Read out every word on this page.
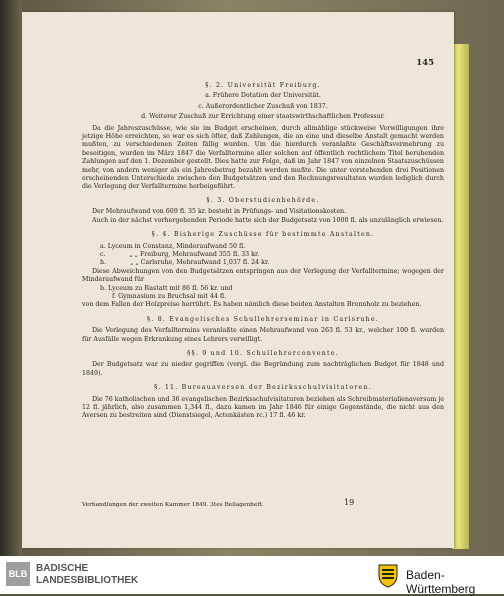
145

§. 2. Universität Freiburg.

a. Frühere Dotation der Universität.

c. Außerordentlicher Zuschuß von 1837.

d. Weiterer Zuschuß zur Errichtung einer staatswirthschaftlichen Professur.

Da die Jahreszuschüsse, wie sie im Budget erscheinen, durch allmählige stückweise Verwilligungen ihre jetzige Höhe erreichten, so war es sich öfter, daß Zahlungen, die an eine und dieselbe Anstalt gemacht werden mußten, zu verschiedenen Zeiten fällig wurden. Um die hierdurch veranlaßte Geschäftsvermehrung zu beseitigen, wurden im März 1847 die Verfalltermine aller solchen auf öffentlich rechtlichem Titel beruhenden Zahlungen auf den 1. Dezember gestellt. Dies hatte zur Folge, daß im Jahr 1847 von einzelnen Staatszuschüssen mehr, von andern weniger als ein Jahresbetrag bezahlt werden mußte. Die unter vorstehenden drei Positionen erscheinenden Unterschiede zwischen den Budgetsätzen und den Rechnungsresultaten wurden lediglich durch die Verlegung der Verfalltermine herbeigeführt.

§. 3. Oberstudienbehörde.

Der Mehraufwand von 609 fl. 35 kr. besteht in Prüfungs- und Visitationskosten.

Auch in der nächst vorhergehenden Periode hatte sich der Budgetsatz von 1000 fl. als unzulänglich erwiesen.

§. 4. Bisherige Zuschüsse für bestimmte Anstalten.

a. Lyceum in Constanz, Minderaufwand 50 fl.

c.	„ „ Freiburg, Mehraufwand 355 fl. 33 kr.

h.	„ „ Carlsruhe, Mehraufwand 1,037 fl. 24 kr.

Diese Abweichungen von den Budgetsätzen entspringen aus der Verlegung der Verfalltermine; wogegen der Minderaufwand für

b. Lyceum zu Rastatt mit 86 fl. 56 kr. und

f. Gymnasium zu Bruchsal mit 44 fl.

von dem Fallen der Holzpreise herrührt. Es haben nämlich diese beiden Anstalten Brennholz zu beziehen.

§. 8. Evangelisches Schullehrerseminar in Carlsruhe.

Die Verlegung des Verfalltermins veranlaßte einen Mehraufwand von 263 fl. 53 kr., welcher 100 fl. wurden für Ausfälle wegen Erkrankung eines Lehrers verwilligt.

§§. 9 und 10. Schullehrerconvente.

Der Budgetsatz war zu nieder gegriffen (vergl. die Begründung zum nachträglichen Budget für 1848 und 1849).

§. 11. Bureauaversen der Bezirksschulvisitatoren.

Die 76 katholischen und 36 evangelischen Bezirksschulvisitaturen beziehen als Schreibmaterialienaversum je 12 fl. jährlich, also zusammen 1,344 fl., dazu kamen im Jahr 1846 für einige Gegenstände, die nicht aus den Aversen zu bestreiten sind (Dienstsiegel, Actenkästen rc.) 17 fl. 46 kr.

Verhandlungen der zweiten Kammer 1849. 3tes Beilagenheft.	19
BLB BADISCHE
LANDESBIBLIOTHEK	Baden-Württemberg
